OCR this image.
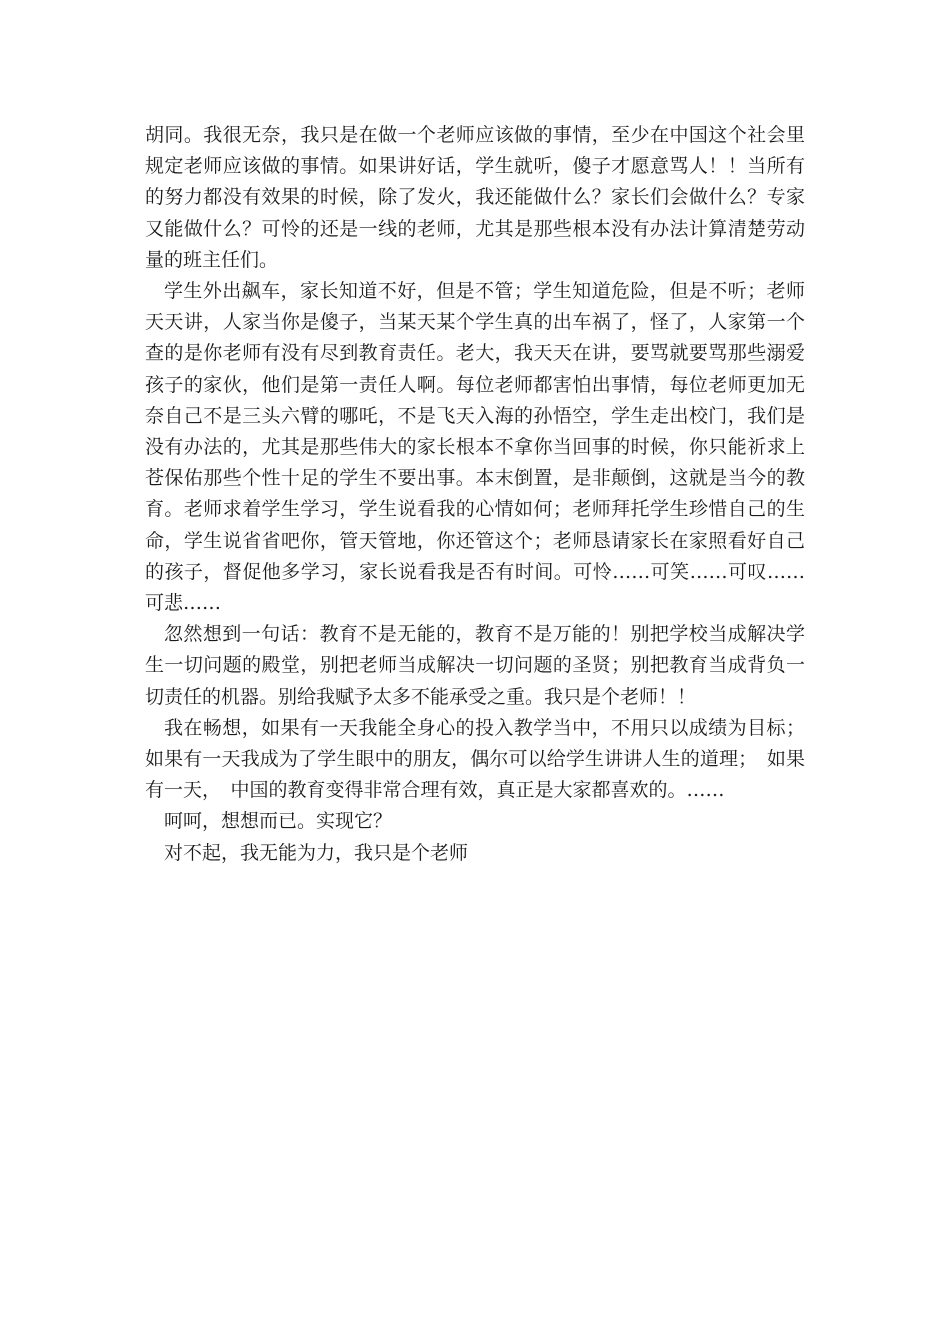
胡同。我很无奈，我只是在做一个老师应该做的事情，至少在中国这个社会里规定老师应该做的事情。如果讲好话，学生就听，傻子才愿意骂人！！当所有的努力都没有效果的时候，除了发火，我还能做什么？家长们会做什么？专家又能做什么？可怜的还是一线的老师，尤其是那些根本没有办法计算清楚劳动量的班主任们。

学生外出飙车，家长知道不好，但是不管；学生知道危险，但是不听；老师天天讲，人家当你是傻子，当某天某个学生真的出车祸了，怪了，人家第一个查的是你老师有没有尽到教育责任。老大，我天天在讲，要骂就要骂那些溺爱孩子的家伙，他们是第一责任人啊。每位老师都害怕出事情，每位老师更加无奈自己不是三头六臂的哪吒，不是飞天入海的孙悟空，学生走出校门，我们是没有办法的，尤其是那些伟大的家长根本不拿你当回事的时候，你只能祈求上苍保佑那些个性十足的学生不要出事。本末倒置，是非颠倒，这就是当今的教育。老师求着学生学习，学生说看我的心情如何；老师拜托学生珍惜自己的生命，学生说省省吧你，管天管地，你还管这个；老师恳请家长在家照看好自己的孩子，督促他多学习，家长说看我是否有时间。可怜……可笑……可叹……可悲……

忽然想到一句话：教育不是无能的，教育不是万能的！别把学校当成解决学生一切问题的殿堂，别把老师当成解决一切问题的圣贤；别把教育当成背负一切责任的机器。别给我赋予太多不能承受之重。我只是个老师！！

我在畅想，如果有一天我能全身心的投入教学当中，不用只以成绩为目标；如果有一天我成为了学生眼中的朋友，偶尔可以给学生讲讲人生的道理；　如果有一天，　中国的教育变得非常合理有效，真正是大家都喜欢的。……

呵呵，想想而已。实现它？

对不起，我无能为力，我只是个老师
